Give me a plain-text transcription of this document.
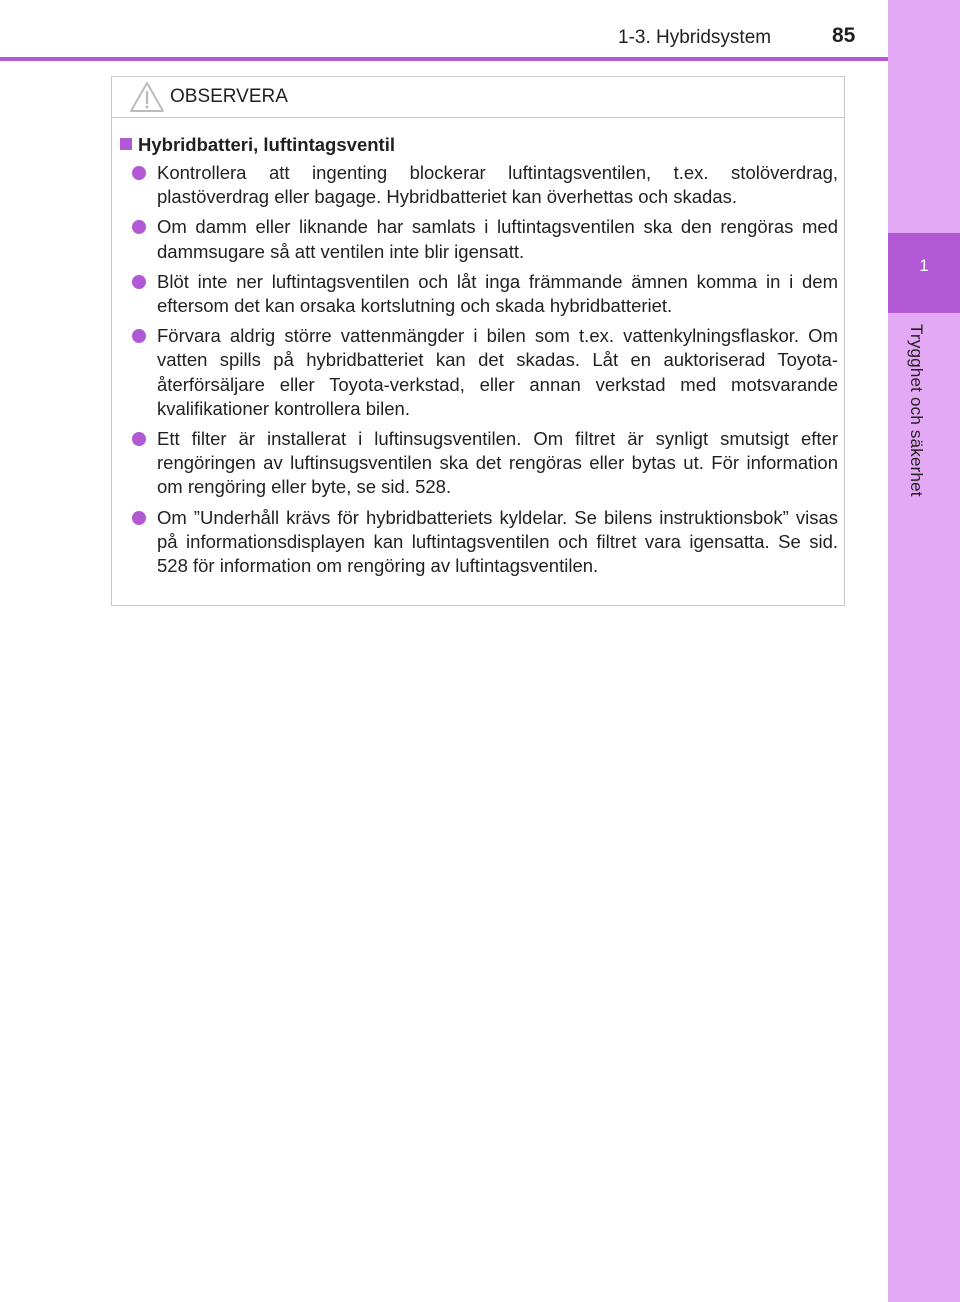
1
Trygghet och säkerhet
1-3. Hybridsystem	85
OBSERVERA
Hybridbatteri, luftintagsventil
Kontrollera att ingenting blockerar luftintagsventilen, t.ex. stolöverdrag, plastöverdrag eller bagage. Hybridbatteriet kan överhettas och skadas.
Om damm eller liknande har samlats i luftintagsventilen ska den rengöras med dammsugare så att ventilen inte blir igensatt.
Blöt inte ner luftintagsventilen och låt inga främmande ämnen komma in i dem eftersom det kan orsaka kortslutning och skada hybridbatteriet.
Förvara aldrig större vattenmängder i bilen som t.ex. vattenkylningsflaskor. Om vatten spills på hybridbatteriet kan det skadas. Låt en auktoriserad Toyota-återförsäljare eller Toyota-verkstad, eller annan verkstad med motsvarande kvalifikationer kontrollera bilen.
Ett filter är installerat i luftinsugsventilen. Om filtret är synligt smutsigt efter rengöringen av luftinsugsventilen ska det rengöras eller bytas ut. För information om rengöring eller byte, se sid. 528.
Om ”Underhåll krävs för hybridbatteriets kyldelar. Se bilens instruktionsbok” visas på informationsdisplayen kan luftintagsventilen och filtret vara igensatta. Se sid. 528 för information om rengöring av luftintagsventilen.
